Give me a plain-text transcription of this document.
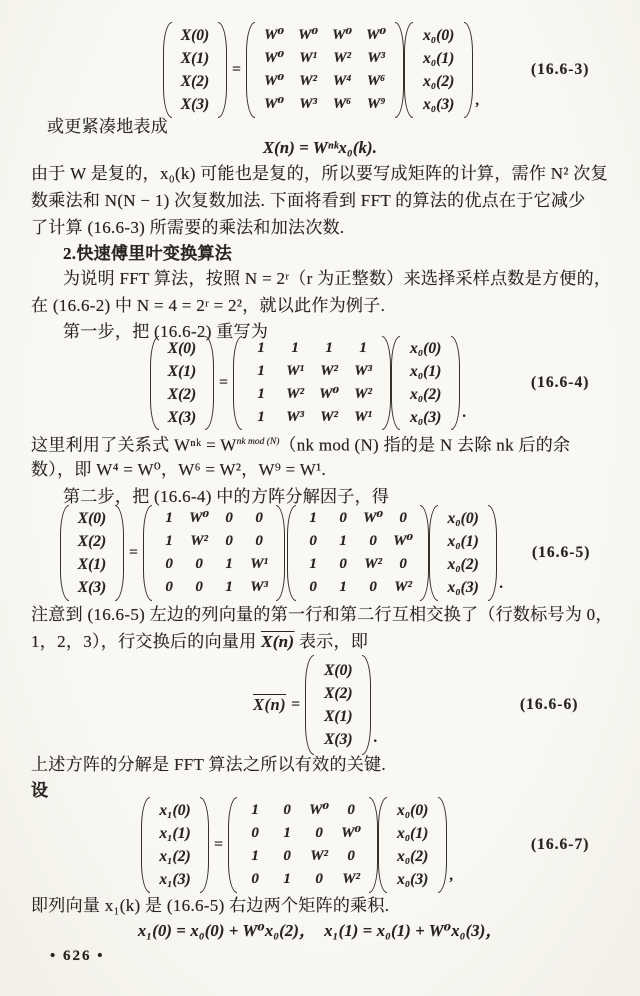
X(0)
X(1)
X(2)
X(3)
=
W⁰ W⁰ W⁰ W⁰
W⁰	W¹	W²	W³
W⁰	W²	W⁴	W⁶
W⁰	W³	W⁶	W⁹
x₀(0)
x₀(1)
x₀(2)
x₀(3)	,
(16.6-3)
或更紧凑地表成
X(n) = Wⁿᵏx₀(k).
由于 W 是复的，x₀(k) 可能也是复的，所以要写成矩阵的计算，需作 N² 次复
数乘法和 N(N − 1) 次复数加法. 下面将看到 FFT 的算法的优点在于它减少
了计算 (16.6-3) 所需要的乘法和加法次数.
2.快速傅里叶变换算法
为说明 FFT 算法，按照 N = 2ʳ（r 为正整数）来选择采样点数是方便的，
在 (16.6-2) 中 N = 4 = 2ʳ = 2²，就以此作为例子.
第一步，把 (16.6-2) 重写为
X(0)
X(1)
X(2)
X(3)
=
1	1	1	1
1	W¹	W²	W³
1	W²	W⁰	W²
1	W³	W²	W¹
x₀(0)
x₀(1)
x₀(2)
x₀(3)	.
(16.6-4)
这里利用了关系式 Wⁿᵏ = $W^{nk mod (N)}(nk$ mod (N) 指的是 N 去除 nk 后的余
数），即 W⁴ = W⁰，W⁶ = W²，W⁹ = W¹.
第二步，把 (16.6-4) 中的方阵分解因子，得
X(0)
X(2)
X(1)
X(3)
=
1	W⁰	0	0
1	W²	0	0
0	0	1	W¹
0	0	1	W³
1	0	W⁰	0
0	1	0	W⁰
1	0	W²	0
0	1	0	W²
x₀(0)
x₀(1)
x₀(2)
x₀(3)	.
(16.6-5)
注意到 (16.6-5) 左边的列向量的第一行和第二行互相交换了（行数标号为 0，
1，2，3），行交换后的向量用 X(n) 表示，即
X(n) =
X(0)
X(2)
X(1)
X(3)	.
(16.6-6)
上述方阵的分解是 FFT 算法之所以有效的关键.
设
x₁(0)
x₁(1)
x₁(2)
x₁(3)
=
1	0	W⁰	0
0	1	0	W⁰
1	0	W²	0
0	1	0	W²
x₀(0)
x₀(1)
x₀(2)
x₀(3)	,
(16.6-7)
即列向量 x₁(k) 是 (16.6-5) 右边两个矩阵的乘积.
x₁(0) = x₀(0) + W⁰x₀(2)，　x₁(1) = x₀(1) + W⁰x₀(3)，
• 626 •
